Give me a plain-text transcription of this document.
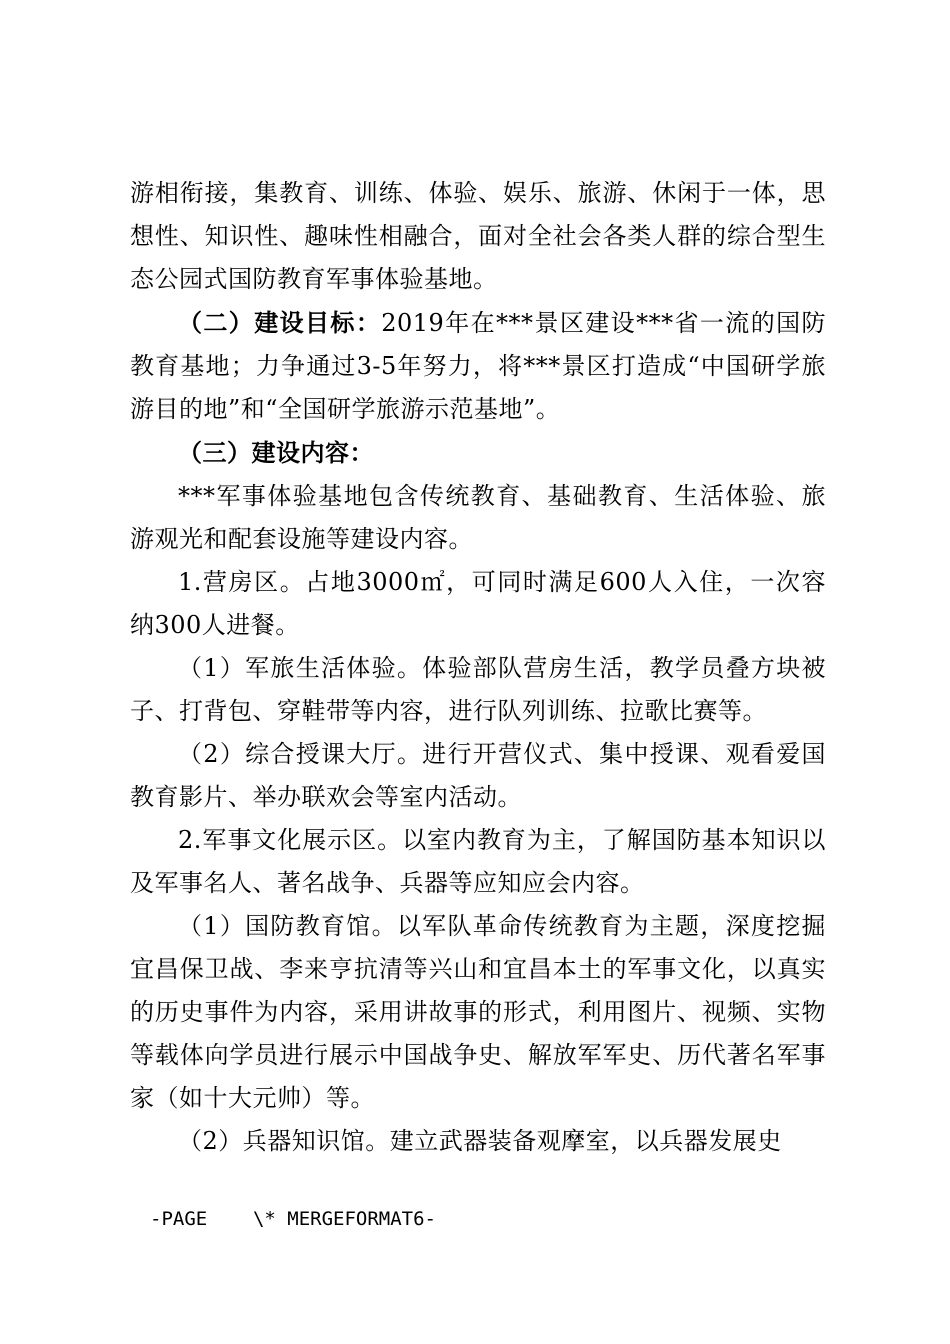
游相衔接，集教育、训练、体验、娱乐、旅游、休闲于一体，思想性、知识性、趣味性相融合，面对全社会各类人群的综合型生态公园式国防教育军事体验基地。

（二）建设目标：2019年在***景区建设***省一流的国防教育基地；力争通过3-5年努力，将***景区打造成“中国研学旅游目的地”和“全国研学旅游示范基地”。

（三）建设内容：

***军事体验基地包含传统教育、基础教育、生活体验、旅游观光和配套设施等建设内容。

1.营房区。占地3000㎡，可同时满足600人入住，一次容纳300人进餐。

（1）军旅生活体验。体验部队营房生活，教学员叠方块被子、打背包、穿鞋带等内容，进行队列训练、拉歌比赛等。

（2）综合授课大厅。进行开营仪式、集中授课、观看爱国教育影片、举办联欢会等室内活动。

2.军事文化展示区。以室内教育为主，了解国防基本知识以及军事名人、著名战争、兵器等应知应会内容。

（1）国防教育馆。以军队革命传统教育为主题，深度挖掘宜昌保卫战、李来亨抗清等兴山和宜昌本土的军事文化，以真实的历史事件为内容，采用讲故事的形式，利用图片、视频、实物等载体向学员进行展示中国战争史、解放军军史、历代著名军事家（如十大元帅）等。

（2）兵器知识馆。建立武器装备观摩室，以兵器发展史

-PAGE    \* MERGEFORMAT6-
